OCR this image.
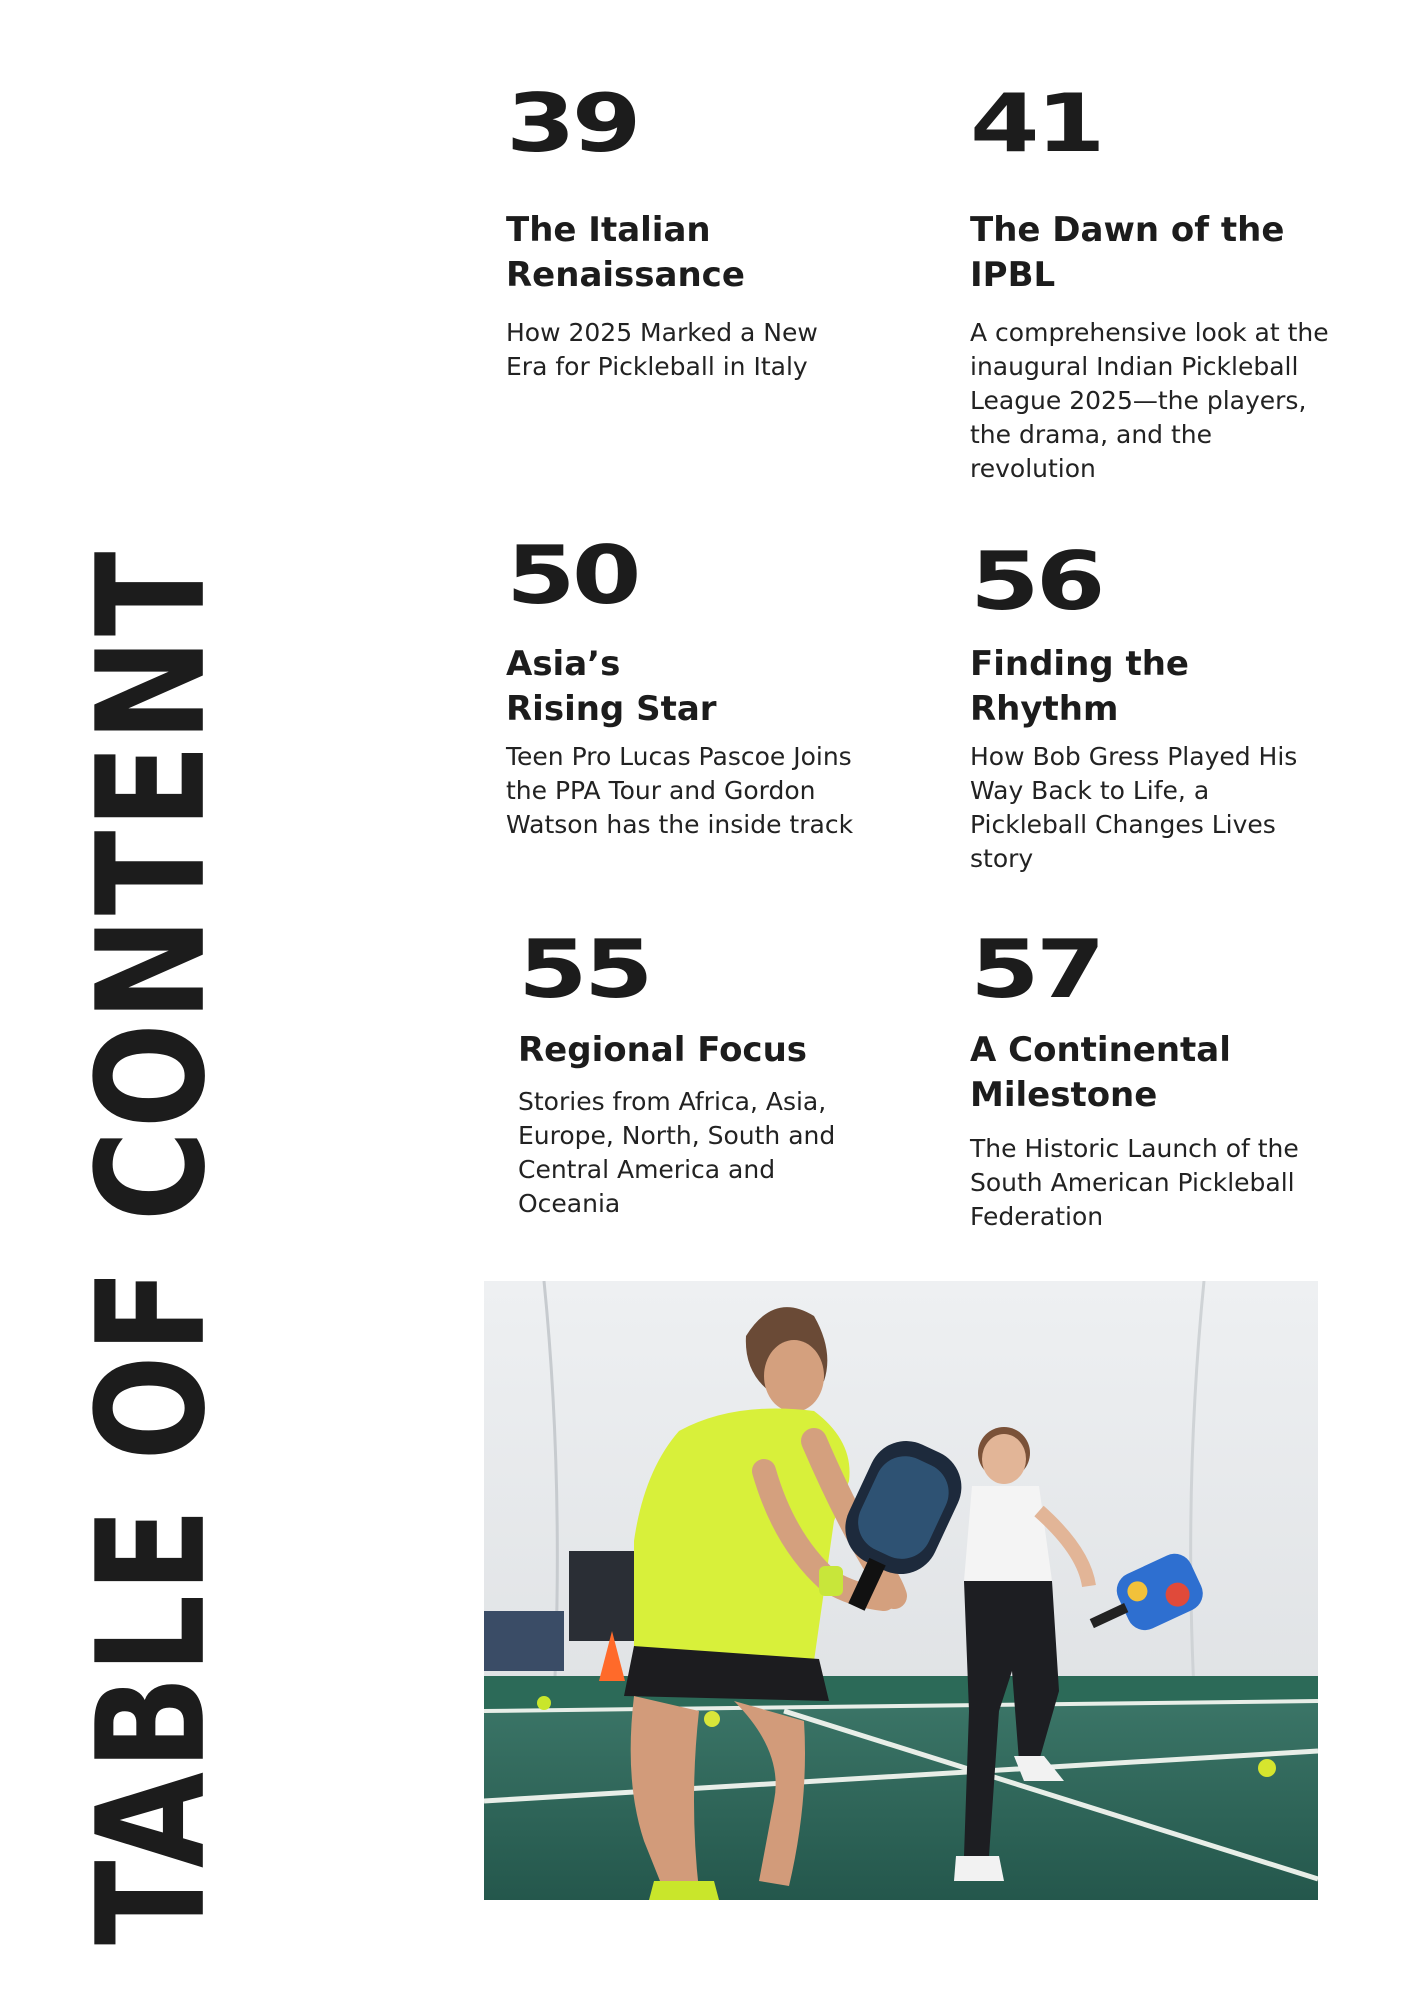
TABLE OF CONTENT
39
The Italian
Renaissance
How 2025 Marked a New Era for Pickleball in Italy
41
The Dawn of the
IPBL
A comprehensive look at the inaugural Indian Pickleball League 2025—the players, the drama, and the revolution
50
Asia’s
Rising Star
Teen Pro Lucas Pascoe Joins the PPA Tour and Gordon Watson has the inside track
56
Finding the
Rhythm
How Bob Gress Played His Way Back to Life, a Pickleball Changes Lives story
55
Regional Focus
Stories from Africa, Asia, Europe, North, South and Central America and Oceania
57
A Continental
Milestone
The Historic Launch of the South American Pickleball Federation
